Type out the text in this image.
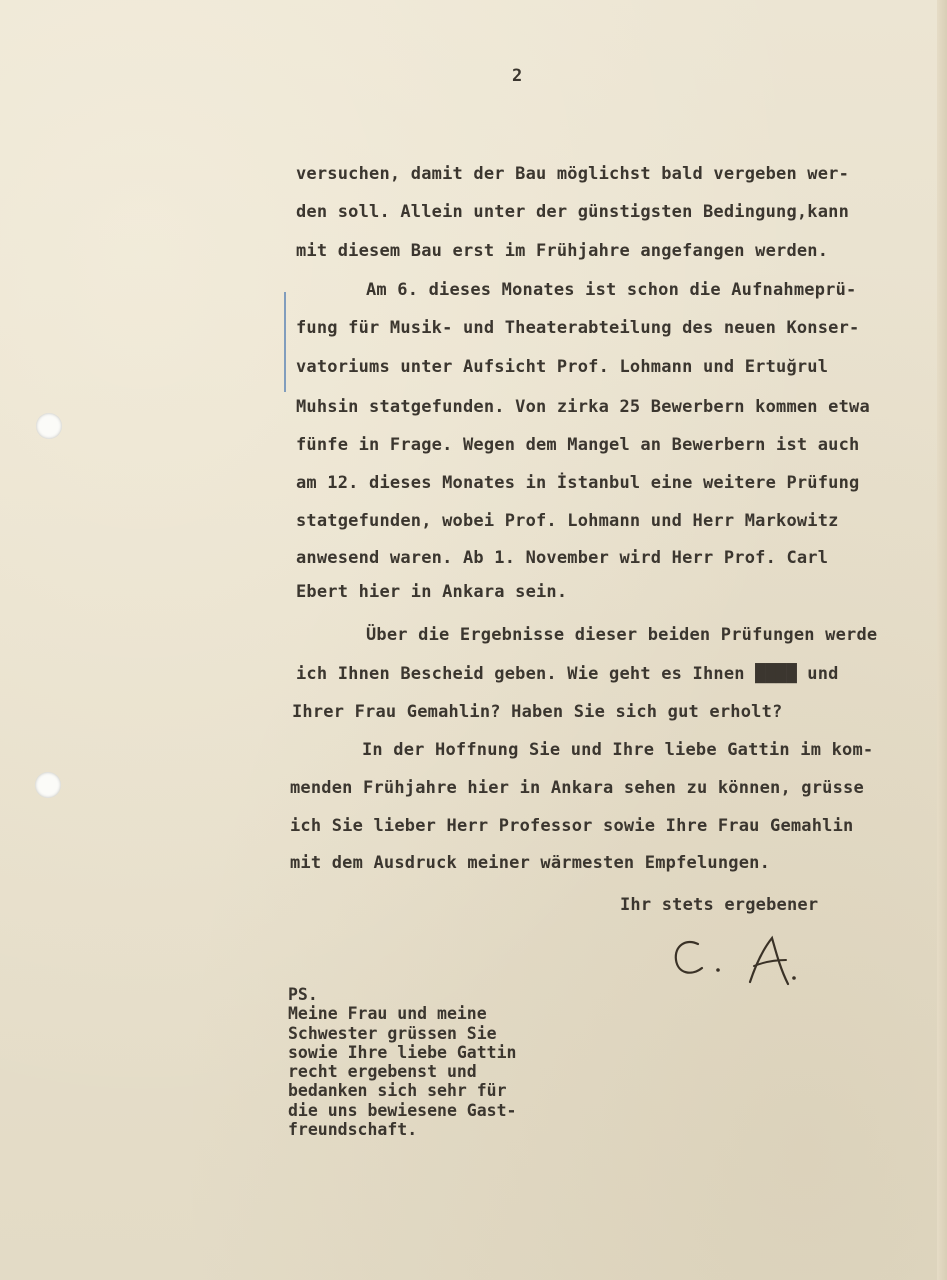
2
versuchen, damit der Bau möglichst bald vergeben wer-
den soll. Allein unter der günstigsten Bedingung,kann
mit diesem Bau erst im Frühjahre angefangen werden.
Am 6. dieses Monates ist schon die Aufnahmeprü-
fung für Musik- und Theaterabteilung des neuen Konser-
vatoriums unter Aufsicht Prof. Lohmann und Ertuğrul
Muhsin statgefunden. Von zirka 25 Bewerbern kommen etwa
fünfe in Frage. Wegen dem Mangel an Bewerbern ist auch
am 12. dieses Monates in İstanbul eine weitere Prüfung
statgefunden, wobei Prof. Lohmann und Herr Markowitz
anwesend waren. Ab 1. November wird Herr Prof. Carl
Ebert hier in Ankara sein.
Über die Ergebnisse dieser beiden Prüfungen werde
ich Ihnen Bescheid geben. Wie geht es Ihnen ████ und
Ihrer Frau Gemahlin? Haben Sie sich gut erholt?
In der Hoffnung Sie und Ihre liebe Gattin im kom-
menden Frühjahre hier in Ankara sehen zu können, grüsse
ich Sie lieber Herr Professor sowie Ihre Frau Gemahlin
mit dem Ausdruck meiner wärmesten Empfelungen.
Ihr stets ergebener
PS.
Meine Frau und meine
Schwester grüssen Sie
sowie Ihre liebe Gattin
recht ergebenst und
bedanken sich sehr für
die uns bewiesene Gast-
freundschaft.
